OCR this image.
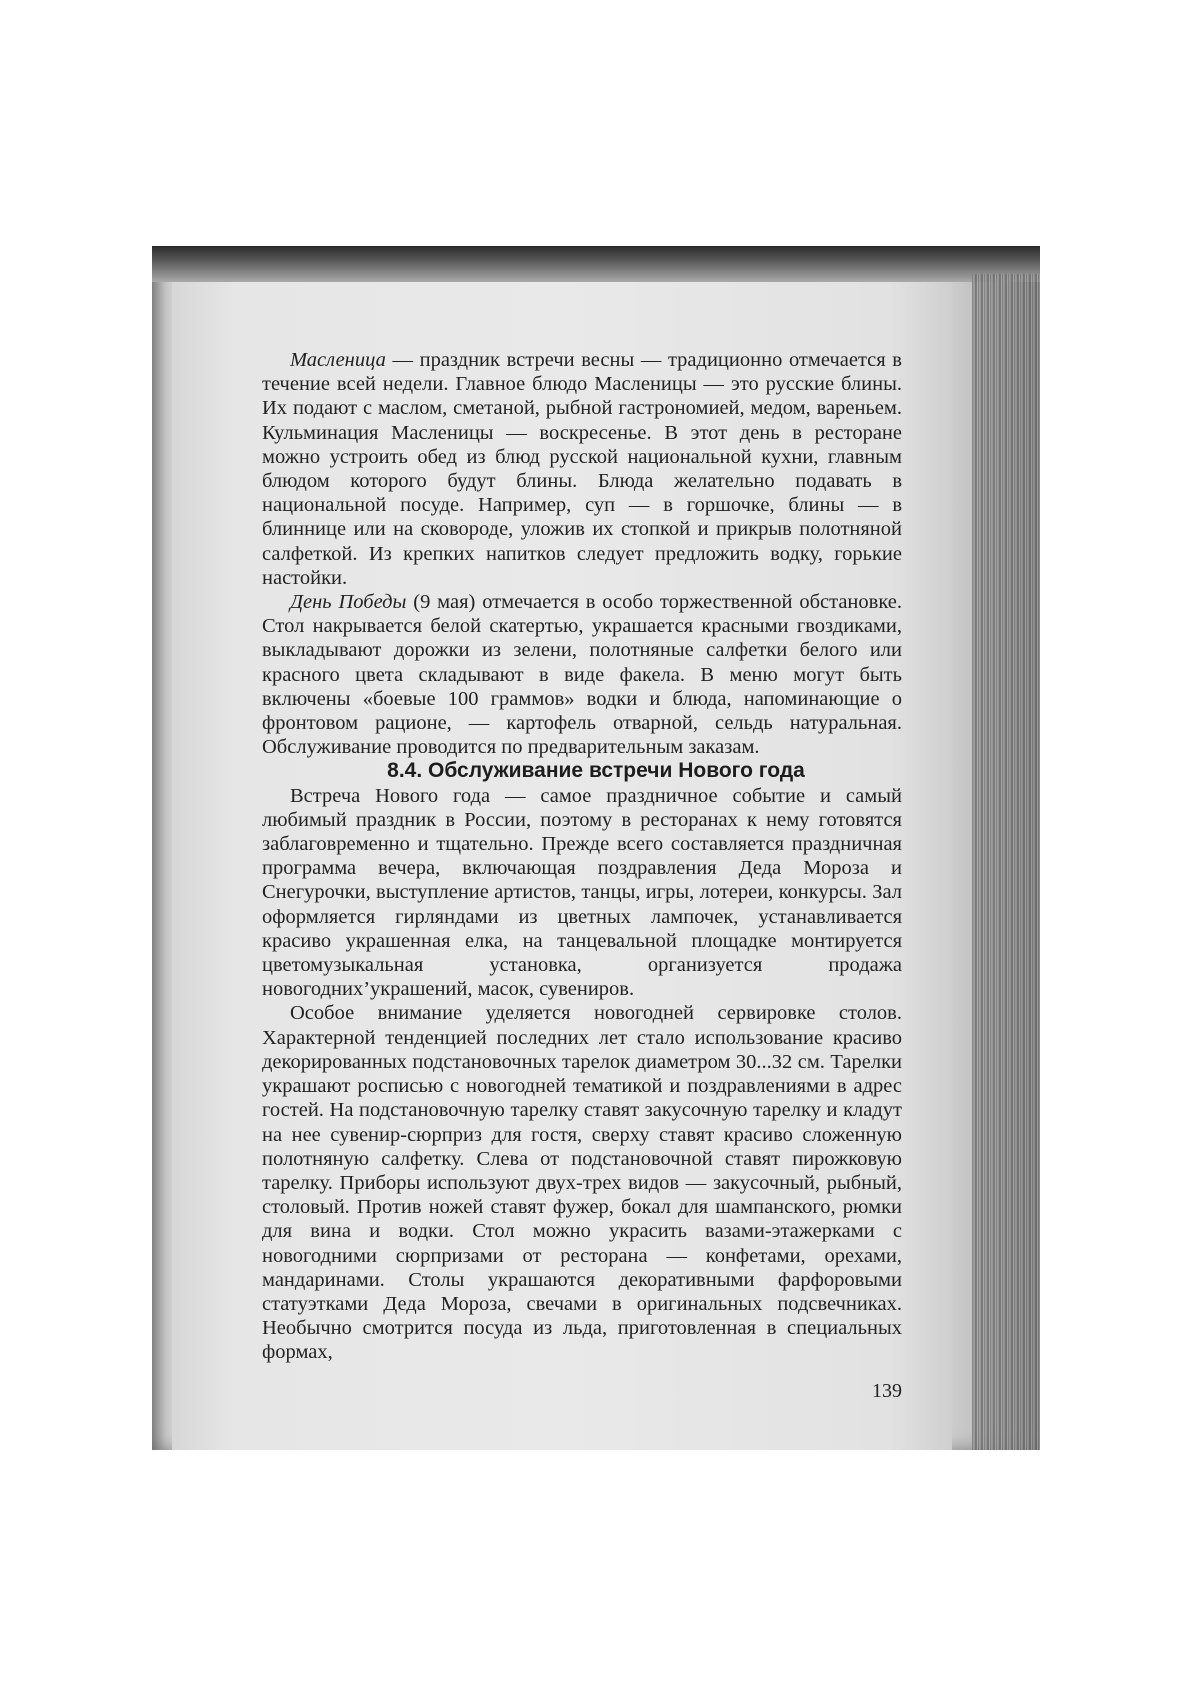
Масленица — праздник встречи весны — традиционно отмечается в течение всей недели. Главное блюдо Масленицы — это русские блины. Их подают с маслом, сметаной, рыбной гастрономией, медом, вареньем. Кульминация Масленицы — воскресенье. В этот день в ресторане можно устроить обед из блюд русской национальной кухни, главным блюдом которого будут блины. Блюда желательно подавать в национальной посуде. Например, суп — в горшочке, блины — в блиннице или на сковороде, уложив их стопкой и прикрыв полотняной салфеткой. Из крепких напитков следует предложить водку, горькие настойки.

День Победы (9 мая) отмечается в особо торжественной обстановке. Стол накрывается белой скатертью, украшается красными гвоздиками, выкладывают дорожки из зелени, полотняные салфетки белого или красного цвета складывают в виде факела. В меню могут быть включены «боевые 100 граммов» водки и блюда, напоминающие о фронтовом рационе, — картофель отварной, сельдь натуральная. Обслуживание проводится по предварительным заказам.

8.4. Обслуживание встречи Нового года

Встреча Нового года — самое праздничное событие и самый любимый праздник в России, поэтому в ресторанах к нему готовятся заблаговременно и тщательно. Прежде всего составляется праздничная программа вечера, включающая поздравления Деда Мороза и Снегурочки, выступление артистов, танцы, игры, лотереи, конкурсы. Зал оформляется гирляндами из цветных лампочек, устанавливается красиво украшенная елка, на танцевальной площадке монтируется цветомузыкальная установка, организуется продажа новогодних’украшений, масок, сувениров.

Особое внимание уделяется новогодней сервировке столов. Характерной тенденцией последних лет стало использование красиво декорированных подстановочных тарелок диаметром 30...32 см. Тарелки украшают росписью с новогодней тематикой и поздравлениями в адрес гостей. На подстановочную тарелку ставят закусочную тарелку и кладут на нее сувенир-сюрприз для гостя, сверху ставят красиво сложенную полотняную салфетку. Слева от подстановочной ставят пирожковую тарелку. Приборы используют двух-трех видов — закусочный, рыбный, столовый. Против ножей ставят фужер, бокал для шампанского, рюмки для вина и водки. Стол можно украсить вазами-этажерками с новогодними сюрпризами от ресторана — конфетами, орехами, мандаринами. Столы украшаются декоративными фарфоровыми статуэтками Деда Мороза, свечами в оригинальных подсвечниках. Необычно смотрится посуда из льда, приготовленная в специальных формах,

139
